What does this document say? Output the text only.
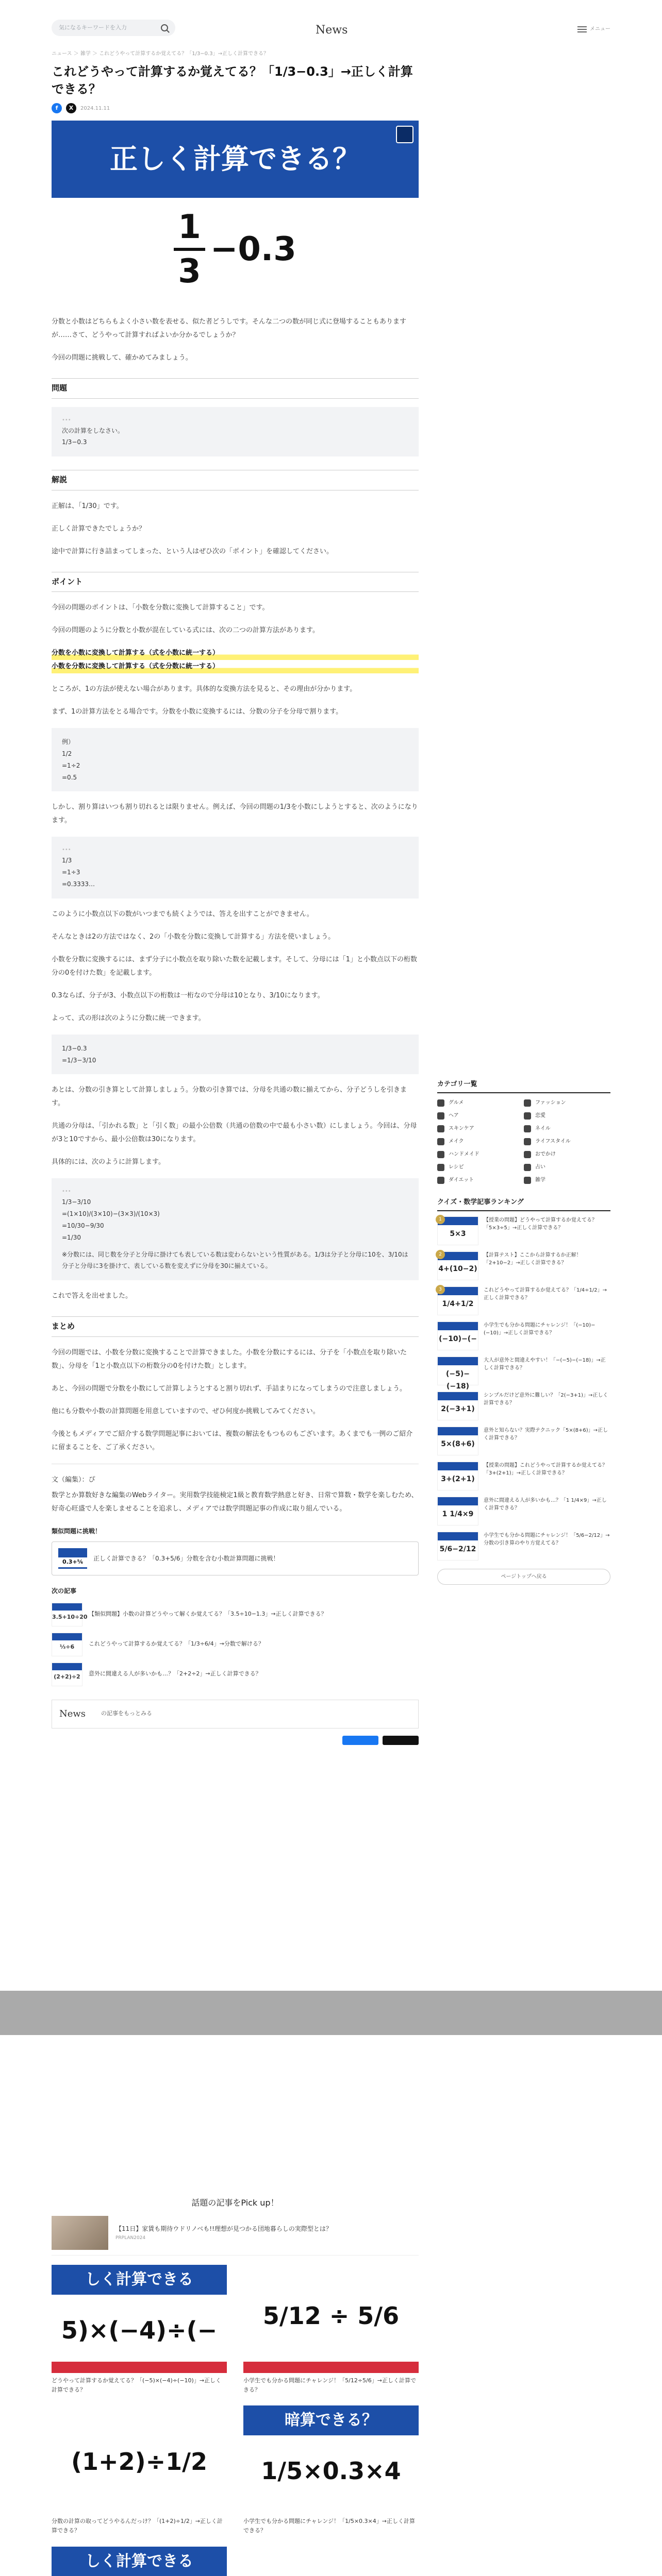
気になるキーワードを入力	News	メニュー
ニュース ＞ 雑学 ＞ これどうやって計算するか覚えてる？「1/3−0.3」→正しく計算できる？
これどうやって計算するか覚えてる？「1/3−0.3」→正しく計算できる？
f	X	2024.11.11
正しく計算できる？
1
3
−0.3

分数と小数はどちらもよく小さい数を表せる、似た者どうしです。そんな二つの数が同じ式に登場することもありますが……さて、どうやって計算すればよいか分かるでしょうか？

今回の問題に挑戦して、確かめてみましょう。

問題
•••
次の計算をしなさい。
1/3−0.3
解説

正解は、「1/30」です。

正しく計算できたでしょうか？

途中で計算に行き詰まってしまった、という人はぜひ次の「ポイント」を確認してください。

ポイント

今回の問題のポイントは、「小数を分数に変換して計算すること」です。

今回の問題のように分数と小数が混在している式には、次の二つの計算方法があります。

分数を小数に変換して計算する（式を小数に統一する）
小数を分数に変換して計算する（式を分数に統一する）

ところが、1の方法が使えない場合があります。具体的な変換方法を見ると、その理由が分かります。

まず、1の計算方法をとる場合です。分数を小数に変換するには、分数の分子を分母で割ります。

例）
1/2
=1÷2
=0.5

しかし、割り算はいつも割り切れるとは限りません。例えば、今回の問題の1/3を小数にしようとすると、次のようになります。

•••
1/3
=1÷3
=0.3333…

このように小数点以下の数がいつまでも続くようでは、答えを出すことができません。

そんなときは2の方法ではなく、2の「小数を分数に変換して計算する」方法を使いましょう。

小数を分数に変換するには、まず分子に小数点を取り除いた数を記載します。そして、分母には「1」と小数点以下の桁数分の0を付けた数」を記載します。

0.3ならば、分子が3、小数点以下の桁数は一桁なので分母は10となり、3/10になります。

よって、式の形は次のように分数に統一できます。

1/3−0.3
=1/3−3/10

あとは、分数の引き算として計算しましょう。分数の引き算では、分母を共通の数に揃えてから、分子どうしを引きます。

共通の分母は、「引かれる数」と「引く数」の最小公倍数（共通の倍数の中で最も小さい数）にしましょう。今回は、分母が3と10ですから、最小公倍数は30になります。

具体的には、次のように計算します。

•••
1/3−3/10
=(1×10)/(3×10)−(3×3)/(10×3)
=10/30−9/30
=1/30
※分数には、同じ数を分子と分母に掛けても表している数は変わらないという性質がある。1/3は分子と分母に10を、3/10は分子と分母に3を掛けて、表している数を変えずに分母を30に揃えている。

これで答えを出せました。

まとめ

今回の問題では、小数を分数に変換することで計算できました。小数を分数にするには、分子を「小数点を取り除いた数」、分母を「1と小数点以下の桁数分の0を付けた数」とします。

あと、今回の問題で分数を小数にして計算しようとすると割り切れず、手詰まりになってしまうので注意しましょう。

他にも分数や小数の計算問題を用意していますので、ぜひ何度か挑戦してみてください。

今後ともメディアでご紹介する数学問題記事においては、複数の解法をもつものもございます。あくまでも一例のご紹介に留まることを、ご了承ください。

文（編集）：ぴ

数学とか算数好きな編集のWebライター。実用数学技能検定1級と教育数学熱意と好き、日常で算数・数学を楽しむため、好奇心旺盛で人を楽しませることを追求し、メディアでは数学問題記事の作成に取り組んでいる。

類似問題に挑戦！
0.3+⅚	正しく計算できる？「0.3+5/6」分数を含む小数計算問題に挑戦！
次の記事
3.5+10÷20 【類似問題】小数の計算どうやって解くか覚えてる？「3.5÷10−1.3」→正しく計算できる？
⅓÷6	これどうやって計算するか覚えてる？「1/3÷6/4」→分数で解ける？
(2+2)÷2 意外に間違える人が多いかも…？「2+2÷2」→正しく計算できる？
News	の記事をもっとみる
カテゴリ一覧
グルメ	ファッション
ヘア	恋愛
スキンケア	ネイル
メイク	ライフスタイル
ハンドメイド	おでかけ
レシピ	占い
ダイエット	雑学
クイズ・数学記事ランキング
1
5×3
【授業の問題】どうやって計算するか覚えてる？「5×3÷5」→正しく計算できる？
2
4+(10−2)
【計算テスト】ここから計算するか正解！「2+10−2」→正しく計算できる？
3
1/4+1/2
これどうやって計算するか覚えてる？「1/4÷1/2」→正しく計算できる？
(−10)−(−
小学生でも分かる問題にチャレンジ！「(−10)−(−10)」→正しく計算できる？
(−5)−(−18)
大人が意外と間違えやすい！「−(−5)−(−18)」→正しく計算できる？
2(−3+1)
シンプルだけど意外に難しい？「2(−3+1)」→正しく計算できる？
5×(8+6)
意外と知らない？実際テクニック「5×(8+6)」→正しく計算できる？
3+(2+1)
【授業の問題】これどうやって計算するか覚えてる？「3+(2+1)」→正しく計算できる？
1 1/4×9
意外に間違える人が多いかも…？「1 1/4×9」→正しく計算できる？
5/6−2/12
小学生でも分かる問題にチャレンジ！「5/6−2/12」→分数の引き算のやり方覚えてる？
ページトップへ戻る
話題の記事をPick up！
【11日】家賃も期待ウドリノベも!!理想が見つかる団地暮らしの実際型とは？
PRPLAN2024
しく計算できる
5)×(−4)÷(−
どうやって計算するか覚えてる？「(−5)×(−4)÷(−10)」→正しく計算できる？
5/12 ÷ 5/6
小学生でも分かる問題にチャレンジ！「5/12÷5/6」→正しく計算できる？
(1+2)÷1/2
分数の計算の取ってどうやるんだっけ？「(1+2)÷1/2」→正しく計算できる？
暗算できる？
1/5×0.3×4
小学生でも分かる問題にチャレンジ！「1/5×0.3×4」→正しく計算できる？
しく計算できる
